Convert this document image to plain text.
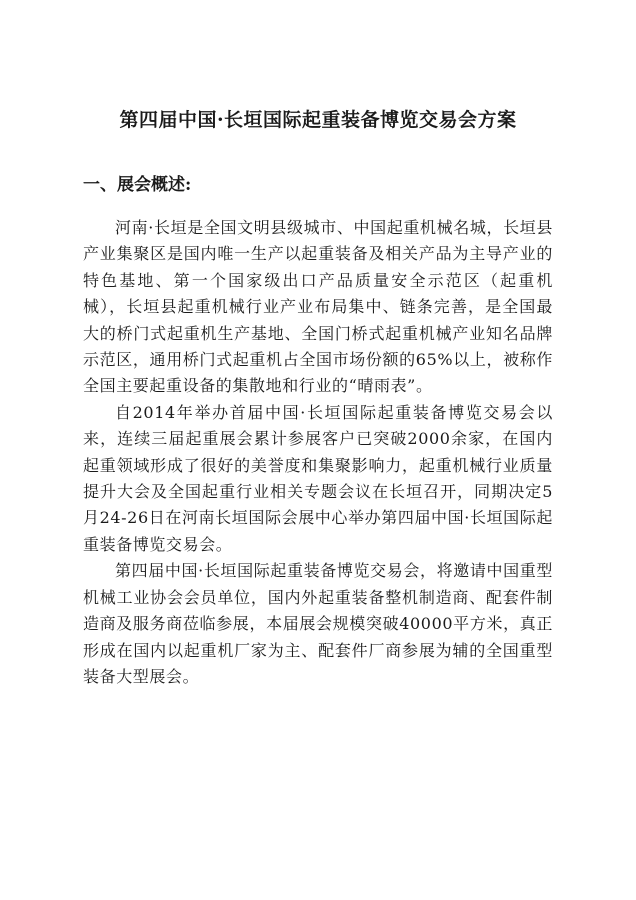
第四届中国·长垣国际起重装备博览交易会方案
一、展会概述:

河南·长垣是全国文明县级城市、中国起重机械名城，长垣县产业集聚区是国内唯一生产以起重装备及相关产品为主导产业的特色基地、第一个国家级出口产品质量安全示范区（起重机械），长垣县起重机械行业产业布局集中、链条完善，是全国最大的桥门式起重机生产基地、全国门桥式起重机械产业知名品牌示范区，通用桥门式起重机占全国市场份额的65%以上，被称作全国主要起重设备的集散地和行业的“晴雨表”。

自2014年举办首届中国·长垣国际起重装备博览交易会以来，连续三届起重展会累计参展客户已突破2000余家，在国内起重领域形成了很好的美誉度和集聚影响力，起重机械行业质量提升大会及全国起重行业相关专题会议在长垣召开，同期决定5月24-26日在河南长垣国际会展中心举办第四届中国·长垣国际起重装备博览交易会。

第四届中国·长垣国际起重装备博览交易会，将邀请中国重型机械工业协会会员单位，国内外起重装备整机制造商、配套件制造商及服务商莅临参展，本届展会规模突破40000平方米，真正形成在国内以起重机厂家为主、配套件厂商参展为辅的全国重型装备大型展会。
